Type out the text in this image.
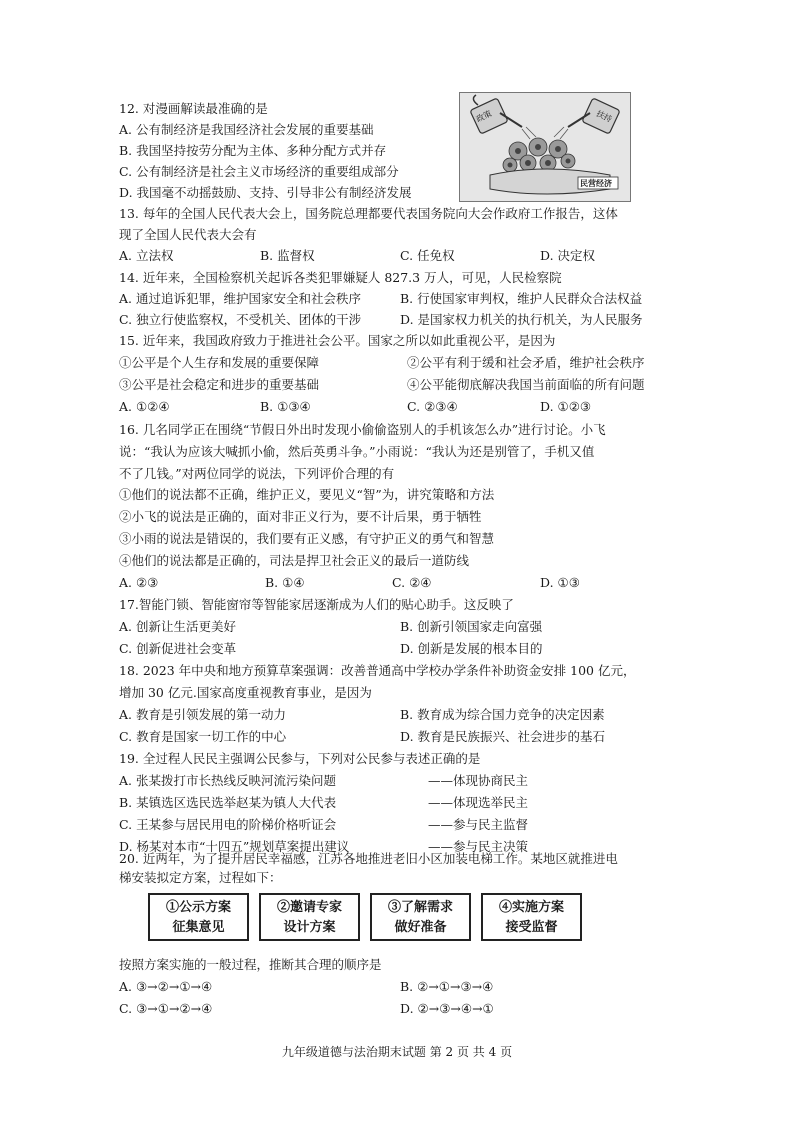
12. 对漫画解读最准确的是
A. 公有制经济是我国经济社会发展的重要基础
B. 我国坚持按劳分配为主体、多种分配方式并存
C. 公有制经济是社会主义市场经济的重要组成部分
D. 我国毫不动摇鼓励、支持、引导非公有制经济发展
政策	扶持
民营经济
13. 每年的全国人民代表大会上，国务院总理都要代表国务院向大会作政府工作报告，这体
现了全国人民代表大会有
A. 立法权	B. 监督权	C. 任免权	D. 决定权
14. 近年来，全国检察机关起诉各类犯罪嫌疑人 827.3 万人，可见，人民检察院
A. 通过追诉犯罪，维护国家安全和社会秩序	B. 行使国家审判权，维护人民群众合法权益
C. 独立行使监察权，不受机关、团体的干涉	D. 是国家权力机关的执行机关，为人民服务
15. 近年来，我国政府致力于推进社会公平。国家之所以如此重视公平，是因为
①公平是个人生存和发展的重要保障	②公平有利于缓和社会矛盾，维护社会秩序
③公平是社会稳定和进步的重要基础	④公平能彻底解决我国当前面临的所有问题
A. ①②④	B. ①③④	C. ②③④	D. ①②③
16. 几名同学正在围绕“节假日外出时发现小偷偷盗别人的手机该怎么办”进行讨论。小飞
说：“我认为应该大喊抓小偷，然后英勇斗争。”小雨说：“我认为还是别管了，手机又值
不了几钱。”对两位同学的说法，下列评价合理的有
①他们的说法都不正确，维护正义，要见义“智”为，讲究策略和方法
②小飞的说法是正确的，面对非正义行为，要不计后果，勇于牺牲
③小雨的说法是错误的，我们要有正义感，有守护正义的勇气和智慧
④他们的说法都是正确的，司法是捍卫社会正义的最后一道防线
A. ②③	B. ①④	C. ②④	D. ①③
17.智能门锁、智能窗帘等智能家居逐渐成为人们的贴心助手。这反映了
A. 创新让生活更美好	B. 创新引领国家走向富强
C. 创新促进社会变革	D. 创新是发展的根本目的
18. 2023 年中央和地方预算草案强调：改善普通高中学校办学条件补助资金安排 100 亿元，
增加 30 亿元.国家高度重视教育事业，是因为
A. 教育是引领发展的第一动力	B. 教育成为综合国力竞争的决定因素
C. 教育是国家一切工作的中心	D. 教育是民族振兴、社会进步的基石
19. 全过程人民民主强调公民参与，下列对公民参与表述正确的是
A. 张某拨打市长热线反映河流污染问题	——体现协商民主
B. 某镇选区选民选举赵某为镇人大代表	——体现选举民主
C. 王某参与居民用电的阶梯价格听证会	——参与民主监督
D. 杨某对本市“十四五”规划草案提出建议	——参与民主决策
20. 近两年，为了提升居民幸福感，江苏各地推进老旧小区加装电梯工作。某地区就推进电
梯安装拟定方案，过程如下：
①公示方案
征集意见
②邀请专家
设计方案
③了解需求
做好准备
④实施方案
接受监督
按照方案实施的一般过程，推断其合理的顺序是
A. ③→②→①→④	B. ②→①→③→④
C. ③→①→②→④	D. ②→③→④→①
九年级道德与法治期末试题 第 2 页 共 4 页
